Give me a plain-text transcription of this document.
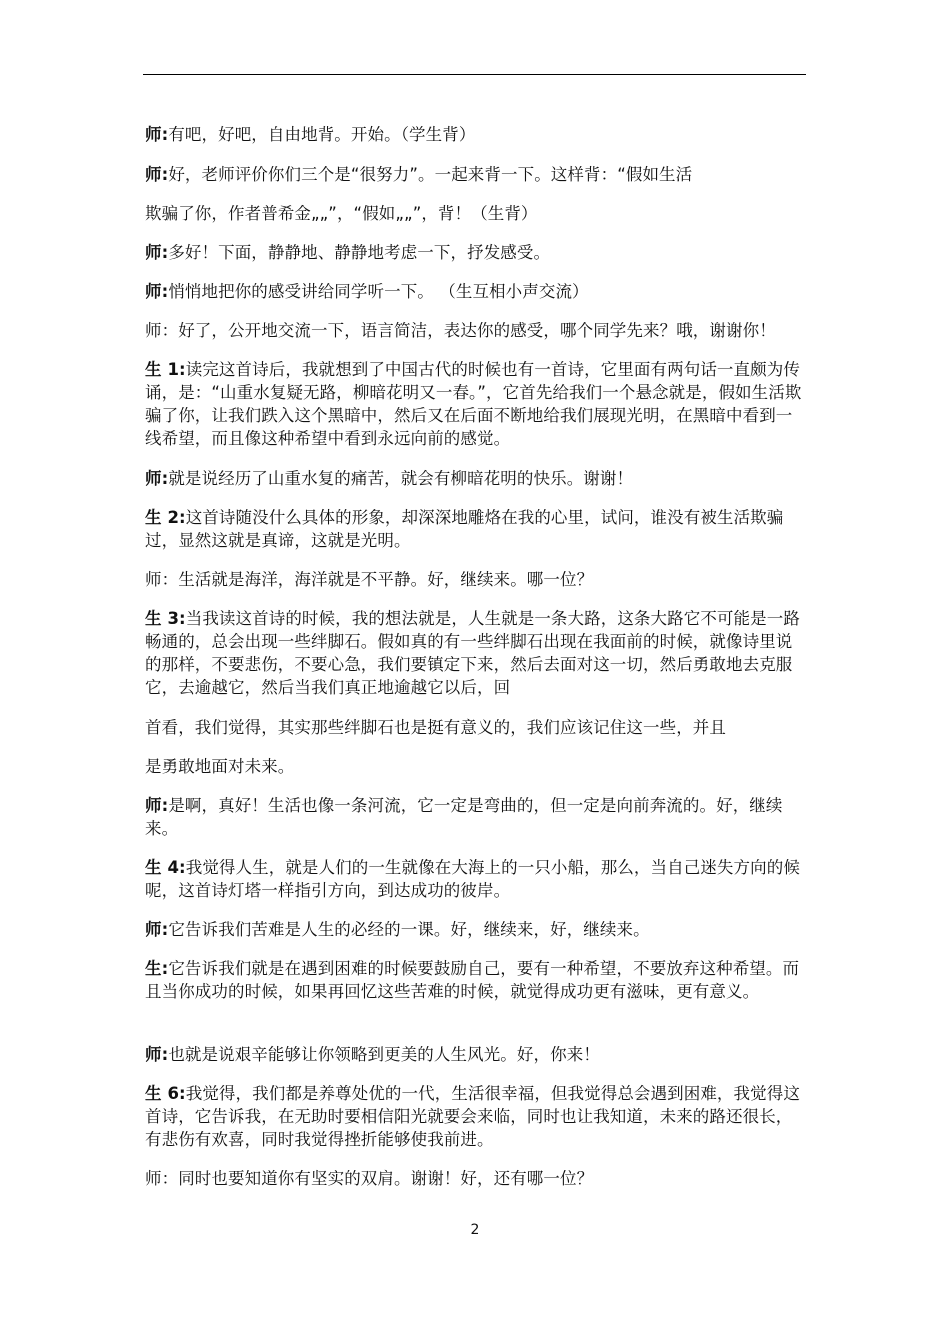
师:有吧，好吧，自由地背。开始。（学生背）
师:好，老师评价你们三个是“很努力”。一起来背一下。这样背：“假如生活
欺骗了你，作者普希金„„”，“假如„„”，背！（生背）
师:多好！下面，静静地、静静地考虑一下，抒发感受。
师:悄悄地把你的感受讲给同学听一下。 （生互相小声交流）
师：好了，公开地交流一下，语言简洁，表达你的感受，哪个同学先来？哦，谢谢你！
生 1:读完这首诗后，我就想到了中国古代的时候也有一首诗，它里面有两句话一直颇为传诵，是：“山重水复疑无路，柳暗花明又一春。”，它首先给我们一个悬念就是，假如生活欺骗了你，让我们跌入这个黑暗中，然后又在后面不断地给我们展现光明，在黑暗中看到一线希望，而且像这种希望中看到永远向前的感觉。
师:就是说经历了山重水复的痛苦，就会有柳暗花明的快乐。谢谢！
生 2:这首诗随没什么具体的形象，却深深地雕烙在我的心里，试问，谁没有被生活欺骗过，显然这就是真谛，这就是光明。
师：生活就是海洋，海洋就是不平静。好，继续来。哪一位？
生 3:当我读这首诗的时候，我的想法就是，人生就是一条大路，这条大路它不可能是一路畅通的，总会出现一些绊脚石。假如真的有一些绊脚石出现在我面前的时候，就像诗里说的那样，不要悲伤，不要心急，我们要镇定下来，然后去面对这一切，然后勇敢地去克服它，去逾越它，然后当我们真正地逾越它以后，回
首看，我们觉得，其实那些绊脚石也是挺有意义的，我们应该记住这一些，并且
是勇敢地面对未来。
师:是啊，真好！生活也像一条河流，它一定是弯曲的，但一定是向前奔流的。好，继续来。
生 4:我觉得人生，就是人们的一生就像在大海上的一只小船，那么，当自己迷失方向的候呢，这首诗灯塔一样指引方向，到达成功的彼岸。
师:它告诉我们苦难是人生的必经的一课。好，继续来，好，继续来。
生:它告诉我们就是在遇到困难的时候要鼓励自己，要有一种希望，不要放弃这种希望。而且当你成功的时候，如果再回忆这些苦难的时候，就觉得成功更有滋味，更有意义。
师:也就是说艰辛能够让你领略到更美的人生风光。好，你来！
生 6:我觉得，我们都是养尊处优的一代，生活很幸福，但我觉得总会遇到困难，我觉得这首诗，它告诉我，在无助时要相信阳光就要会来临，同时也让我知道，未来的路还很长，有悲伤有欢喜，同时我觉得挫折能够使我前进。
师：同时也要知道你有坚实的双肩。谢谢！好，还有哪一位？
2
